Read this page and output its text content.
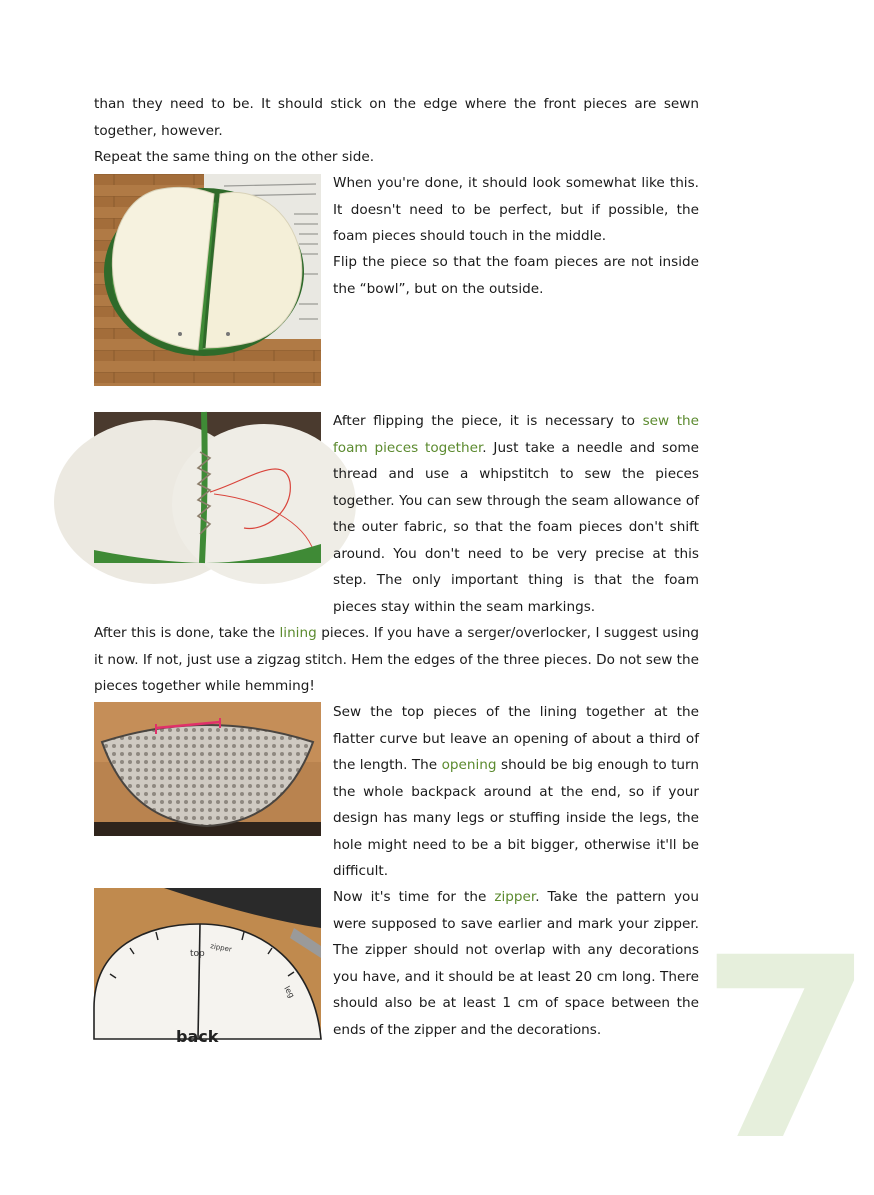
7

than they need to be. It should stick on the edge where the front pieces are sewn together, however.

Repeat the same thing on the other side.

When you're done, it should look somewhat like this. It doesn't need to be perfect, but if possible, the foam pieces should touch in the middle.

Flip the piece so that the foam pieces are not inside the “bowl”, but on the outside.

After flipping the piece, it is necessary to sew the foam pieces together. Just take a needle and some thread and use a whipstitch to sew the pieces together. You can sew through the seam allowance of the outer fabric, so that the foam pieces don't shift around. You don't need to be very precise at this step. The only important thing is that the foam pieces stay within the seam markings.

After this is done, take the lining pieces. If you have a serger/overlocker, I suggest using it now. If not, just use a zigzag stitch. Hem the edges of the three pieces. Do not sew the pieces together while hemming!

Sew the top pieces of the lining together at the flatter curve but leave an opening of about a third of the length. The opening should be big enough to turn the whole backpack around at the end, so if your design has many legs or stuffing inside the legs, the hole might need to be a bit bigger, otherwise it'll be difficult.

top
zipper
leg
back

Now it's time for the zipper. Take the pattern you were supposed to save earlier and mark your zipper. The zipper should not overlap with any decorations you have, and it should be at least 20 cm long. There should also be at least 1 cm of space between the ends of the zipper and the decorations.
